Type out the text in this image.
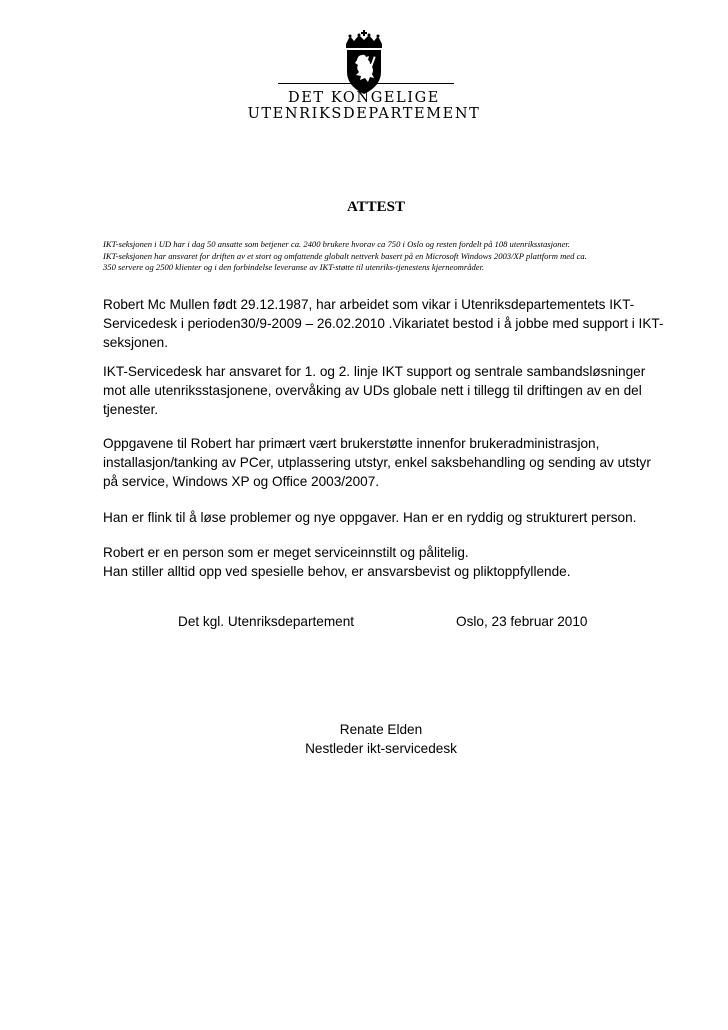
DET KONGELIGE
UTENRIKSDEPARTEMENT
ATTEST
IKT-seksjonen i UD har i dag 50 ansatte som betjener ca. 2400 brukere hvorav ca 750 i Oslo og resten fordelt på 108 utenriksstasjoner.
IKT-seksjonen har ansvaret for driften av et stort og omfattende globalt nettverk basert på en Microsoft Windows 2003/XP plattform med ca.
350 servere og 2500 klienter og i den forbindelse leveranse av IKT-støtte til utenriks-tjenestens kjerneområder.
Robert Mc Mullen født 29.12.1987, har arbeidet som vikar i Utenriksdepartementets IKT-
Servicedesk i perioden30/9-2009 – 26.02.2010 .Vikariatet bestod i å jobbe med support i IKT-
seksjonen.
IKT-Servicedesk har ansvaret for 1. og 2. linje IKT support og sentrale sambandsløsninger
mot alle utenriksstasjonene, overvåking av UDs globale nett i tillegg til driftingen av en del
tjenester.
Oppgavene til Robert har primært vært brukerstøtte innenfor brukeradministrasjon,
installasjon/tanking av PCer, utplassering utstyr, enkel saksbehandling og sending av utstyr
på service, Windows XP og Office 2003/2007.
Han er flink til å løse problemer og nye oppgaver. Han er en ryddig og strukturert person.
Robert er en person som er meget serviceinnstilt og pålitelig.
Han stiller alltid opp ved spesielle behov, er ansvarsbevist og pliktoppfyllende.
Det kgl. Utenriksdepartement	Oslo, 23 februar 2010
Renate Elden
Nestleder ikt-servicedesk
